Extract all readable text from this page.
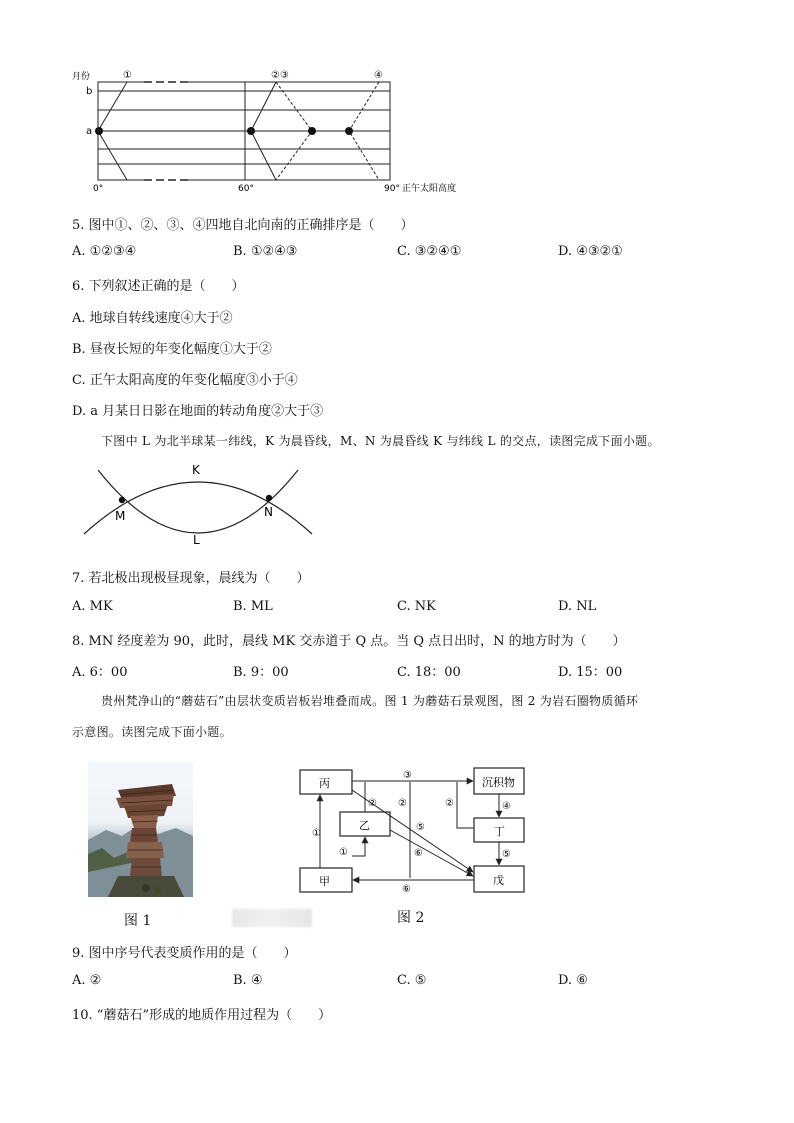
月份
b
a
①	②③	④
0°	60°	90° 正午太阳高度
5. 图中①、②、③、④四地自北向南的正确排序是（　　）
A. ①②③④	B. ①②④③	C. ③②④①	D. ④③②①
6. 下列叙述正确的是（　　）
A. 地球自转线速度④大于②
B. 昼夜长短的年变化幅度①大于②
C. 正午太阳高度的年变化幅度③小于④
D. a 月某日日影在地面的转动角度②大于③
下图中 L 为北半球某一纬线，K 为晨昏线，M、N 为晨昏线 K 与纬线 L 的交点，读图完成下面小题。
K
L
M	N
7. 若北极出现极昼现象，晨线为（　　）
A. MK	B. ML	C. NK	D. NL
8. MN 经度差为 90，此时，晨线 MK 交赤道于 Q 点。当 Q 点日出时，N 的地方时为（　　）
A. 6：00	B. 9：00	C. 18：00	D. 15：00
贵州梵净山的“蘑菇石”由层状变质岩板岩堆叠而成。图 1 为蘑菇石景观图，图 2 为岩石圈物质循环
示意图。读图完成下面小题。
图 1
丙
乙
甲
沉积物
丁
戊
③
①
①
② ②	②	④
⑤
⑤
⑥
⑥
图 2
9. 图中序号代表变质作用的是（　　）
A. ②	B. ④	C. ⑤	D. ⑥
10. “蘑菇石”形成的地质作用过程为（　　）
